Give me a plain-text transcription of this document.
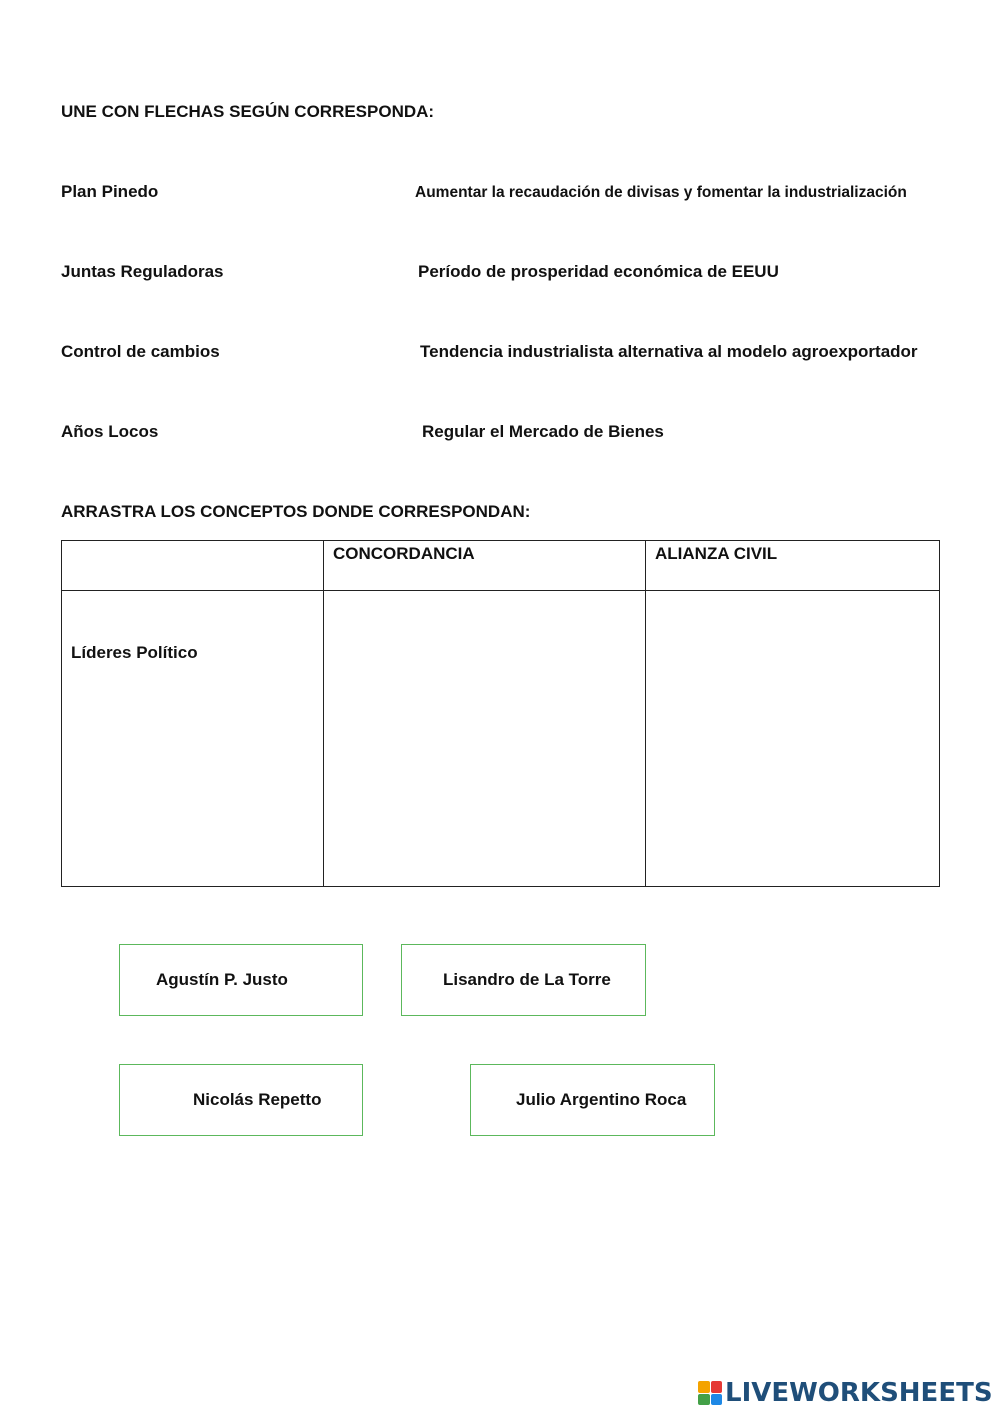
UNE CON FLECHAS SEGÚN CORRESPONDA:
Plan Pinedo	Aumentar la recaudación de divisas y fomentar la industrialización
Juntas Reguladoras	Período de prosperidad económica de EEUU
Control de cambios	Tendencia industrialista alternativa al modelo agroexportador
Años Locos	Regular el Mercado de Bienes
ARRASTRA LOS CONCEPTOS DONDE CORRESPONDAN:

	CONCORDANCIA	ALIANZA CIVIL

Líderes Político		

Agustín P. Justo	Lisandro de La Torre
Nicolás Repetto	Julio Argentino Roca
LIVEWORKSHEETS
